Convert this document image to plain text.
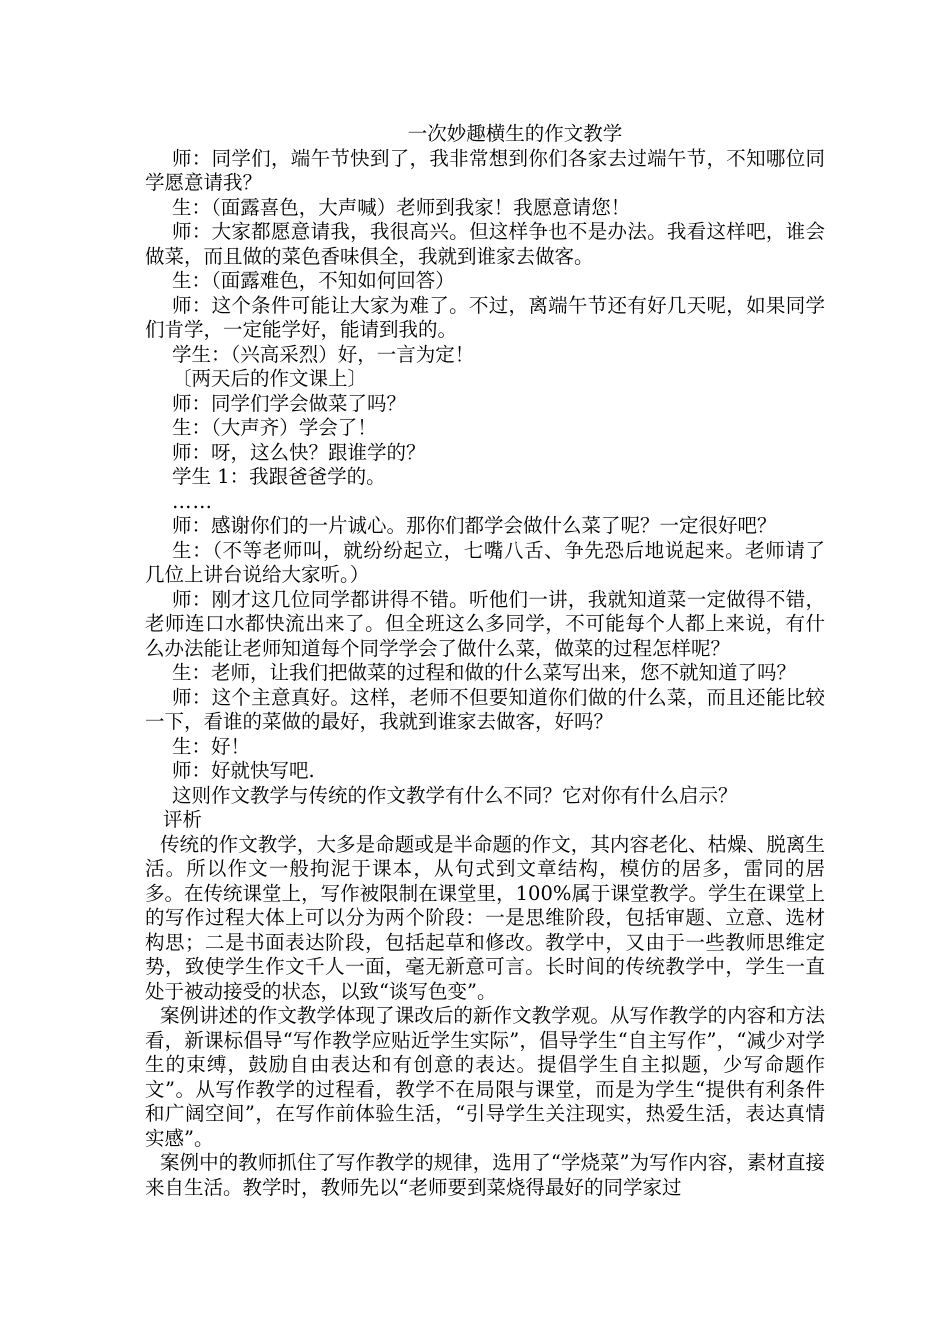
一次妙趣横生的作文教学

师：同学们，端午节快到了，我非常想到你们各家去过端午节，不知哪位同学愿意请我？

生：（面露喜色，大声喊）老师到我家！我愿意请您！

师：大家都愿意请我，我很高兴。但这样争也不是办法。我看这样吧，谁会做菜，而且做的菜色香味俱全，我就到谁家去做客。

生：（面露难色，不知如何回答）

师：这个条件可能让大家为难了。不过，离端午节还有好几天呢，如果同学们肯学，一定能学好，能请到我的。

学生：（兴高采烈）好，一言为定！

〔两天后的作文课上〕

师：同学们学会做菜了吗？

生：（大声齐）学会了！

师：呀，这么快？跟谁学的？

学生 1：我跟爸爸学的。

……

师：感谢你们的一片诚心。那你们都学会做什么菜了呢？一定很好吧？

生：（不等老师叫，就纷纷起立，七嘴八舌、争先恐后地说起来。老师请了几位上讲台说给大家听。）

师：刚才这几位同学都讲得不错。听他们一讲，我就知道菜一定做得不错，老师连口水都快流出来了。但全班这么多同学，不可能每个人都上来说，有什么办法能让老师知道每个同学学会了做什么菜，做菜的过程怎样呢？

生：老师，让我们把做菜的过程和做的什么菜写出来，您不就知道了吗？

师：这个主意真好。这样，老师不但要知道你们做的什么菜，而且还能比较一下，看谁的菜做的最好，我就到谁家去做客，好吗？

生：好！

师：好就快写吧.

这则作文教学与传统的作文教学有什么不同？它对你有什么启示？

评析

传统的作文教学，大多是命题或是半命题的作文，其内容老化、枯燥、脱离生活。所以作文一般拘泥于课本，从句式到文章结构，模仿的居多，雷同的居多。在传统课堂上，写作被限制在课堂里，100%属于课堂教学。学生在课堂上的写作过程大体上可以分为两个阶段：一是思维阶段，包括审题、立意、选材构思；二是书面表达阶段，包括起草和修改。教学中，又由于一些教师思维定势，致使学生作文千人一面，毫无新意可言。长时间的传统教学中，学生一直处于被动接受的状态，以致“谈写色变”。

案例讲述的作文教学体现了课改后的新作文教学观。从写作教学的内容和方法看，新课标倡导“写作教学应贴近学生实际”，倡导学生“自主写作”，“减少对学生的束缚，鼓励自由表达和有创意的表达。提倡学生自主拟题，少写命题作文”。从写作教学的过程看，教学不在局限与课堂，而是为学生“提供有利条件和广阔空间”，在写作前体验生活，“引导学生关注现实，热爱生活，表达真情实感”。

案例中的教师抓住了写作教学的规律，选用了“学烧菜”为写作内容，素材直接来自生活。教学时，教师先以“老师要到菜烧得最好的同学家过
